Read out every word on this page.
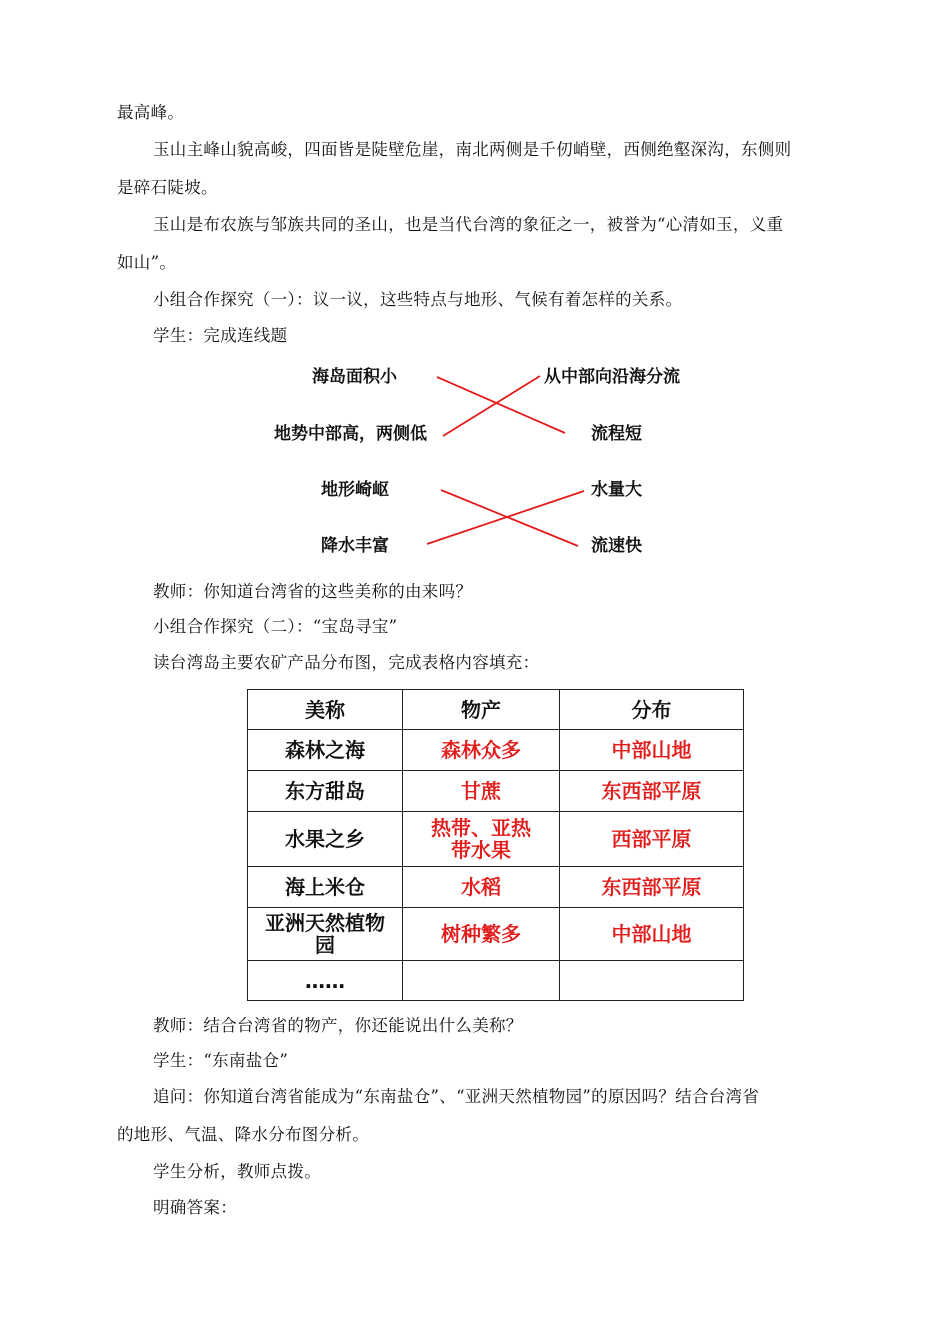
最高峰。
玉山主峰山貌高峻，四面皆是陡壁危崖，南北两侧是千仞峭壁，西侧绝壑深沟，东侧则
是碎石陡坡。
玉山是布农族与邹族共同的圣山，也是当代台湾的象征之一，被誉为“心清如玉，义重
如山”。
小组合作探究（一）：议一议，这些特点与地形、气候有着怎样的关系。
学生：完成连线题
海岛面积小
地势中部高，两侧低
地形崎岖
降水丰富
从中部向沿海分流
流程短
水量大
流速快
教师：你知道台湾省的这些美称的由来吗？
小组合作探究（二）：“宝岛寻宝”
读台湾岛主要农矿产品分布图，完成表格内容填充：
美称	物产	分布
森林之海	森林众多	中部山地
东方甜岛	甘蔗	东西部平原
水果之乡	热带、亚热带水果	西部平原
海上米仓	水稻	东西部平原
亚洲天然植物园	树种繁多	中部山地
……		
教师：结合台湾省的物产，你还能说出什么美称？
学生：“东南盐仓”
追问：你知道台湾省能成为“东南盐仓”、“亚洲天然植物园”的原因吗？结合台湾省
的地形、气温、降水分布图分析。
学生分析，教师点拨。
明确答案：
